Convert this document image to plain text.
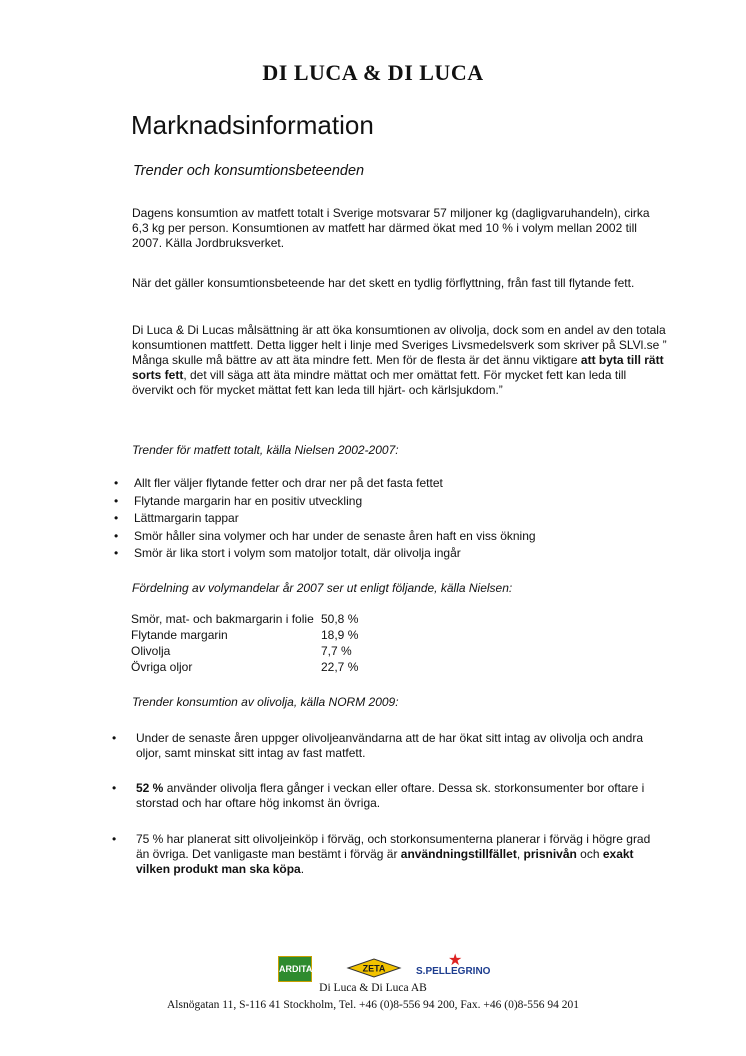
DI LUCA & DI LUCA
Marknadsinformation
Trender och konsumtionsbeteenden
Dagens konsumtion av matfett totalt i Sverige motsvarar 57 miljoner kg (dagligvaruhandeln), cirka 6,3 kg per person. Konsumtionen av matfett har därmed ökat med 10 % i volym mellan 2002 till 2007. Källa Jordbruksverket.
När det gäller konsumtionsbeteende har det skett en tydlig förflyttning, från fast till flytande fett.
Di Luca & Di Lucas målsättning är att öka konsumtionen av olivolja, dock som en andel av den totala konsumtionen mattfett. Detta ligger helt i linje med Sveriges Livsmedelsverk som skriver på SLVl.se ” Många skulle må bättre av att äta mindre fett. Men för de flesta är det ännu viktigare att byta till rätt sorts fett, det vill säga att äta mindre mättat och mer omättat fett. För mycket fett kan leda till övervikt och för mycket mättat fett kan leda till hjärt- och kärlsjukdom.”
Trender för matfett totalt, källa Nielsen 2002-2007:
• Allt fler väljer flytande fetter och drar ner på det fasta fettet
• Flytande margarin har en positiv utveckling
• Lättmargarin tappar
• Smör håller sina volymer och har under de senaste åren haft en viss ökning
• Smör är lika stort i volym som matoljor totalt, där olivolja ingår
Fördelning av volymandelar år 2007 ser ut enligt följande, källa Nielsen:
Smör, mat- och bakmargarin i folie	50,8 %
Flytande margarin	18,9 %
Olivolja	7,7 %
Övriga oljor	22,7 %
Trender konsumtion av olivolja, källa NORM 2009:
• Under de senaste åren uppger olivoljeanvändarna att de har ökat sitt intag av olivolja och andra oljor, samt minskat sitt intag av fast matfett.
• 52 % använder olivolja flera gånger i veckan eller oftare. Dessa sk. storkonsumenter bor oftare i storstad och har oftare hög inkomst än övriga.
• 75 % har planerat sitt olivoljeinköp i förväg, och storkonsumenterna planerar i förväg i högre grad än övriga. Det vanligaste man bestämt i förväg är användningstillfället, prisnivån och exakt vilken produkt man ska köpa.
ARDITA	ZETA	★
S.PELLEGRINO
Di Luca & Di Luca AB
Alsnögatan 11, S-116 41 Stockholm, Tel. +46 (0)8-556 94 200, Fax. +46 (0)8-556 94 201
